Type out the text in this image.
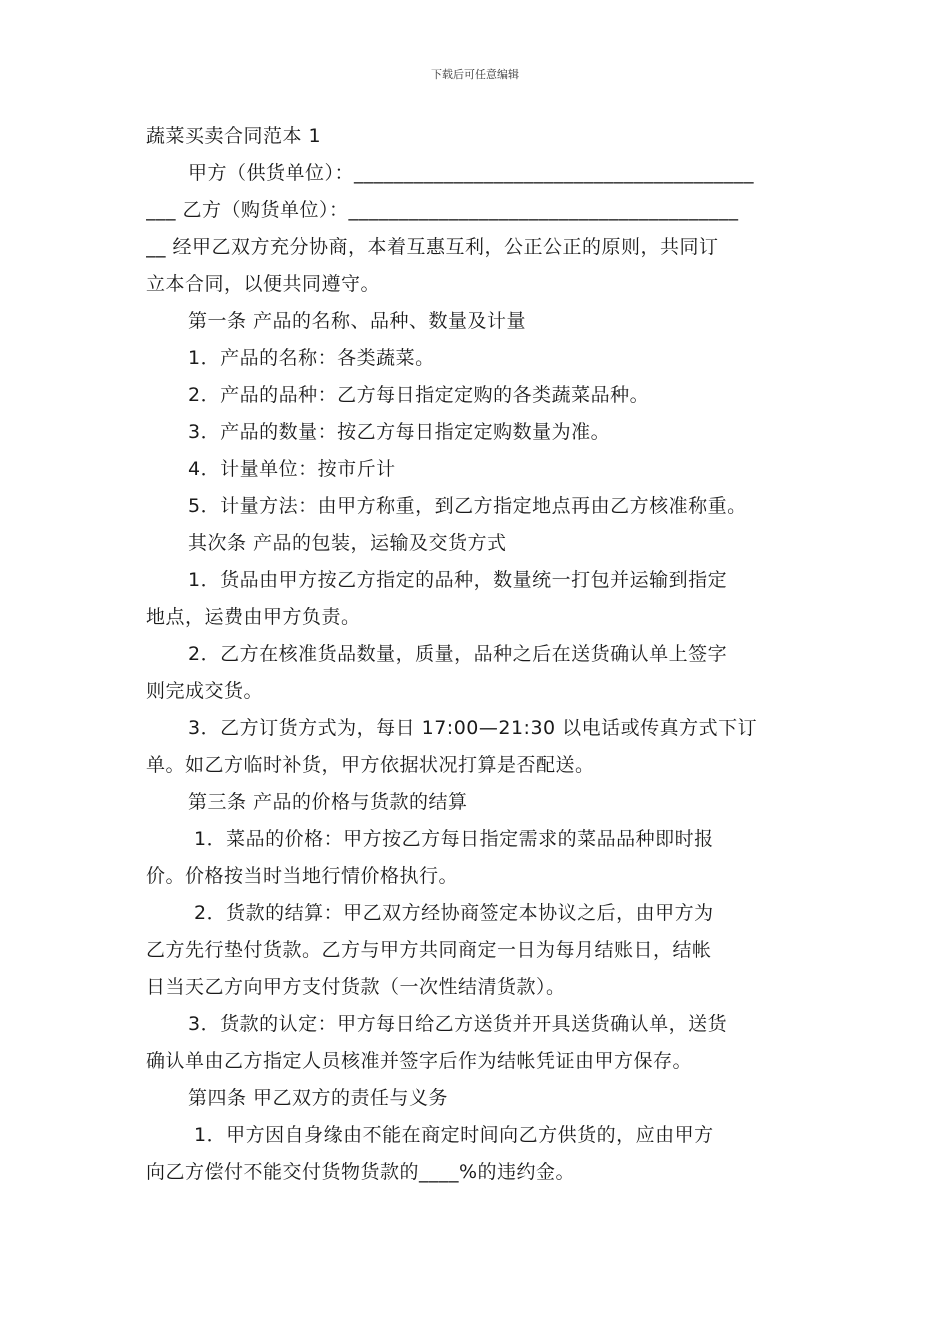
下载后可任意编辑
蔬菜买卖合同范本 1
甲方（供货单位）：________________________________________
___ 乙方（购货单位）：_______________________________________
__ 经甲乙双方充分协商，本着互惠互利，公正公正的原则，共同订
立本合同，以便共同遵守。
第一条 产品的名称、品种、数量及计量
1．产品的名称：各类蔬菜。
2．产品的品种：乙方每日指定定购的各类蔬菜品种。
3．产品的数量：按乙方每日指定定购数量为准。
4．计量单位：按市斤计
5．计量方法：由甲方称重，到乙方指定地点再由乙方核准称重。
其次条 产品的包装，运输及交货方式
1．货品由甲方按乙方指定的品种，数量统一打包并运输到指定
地点，运费由甲方负责。
2．乙方在核准货品数量，质量，品种之后在送货确认单上签字
则完成交货。
3．乙方订货方式为，每日 17:00—21:30 以电话或传真方式下订
单。如乙方临时补货，甲方依据状况打算是否配送。
第三条 产品的价格与货款的结算
1．菜品的价格：甲方按乙方每日指定需求的菜品品种即时报
价。价格按当时当地行情价格执行。
2．货款的结算：甲乙双方经协商签定本协议之后，由甲方为
乙方先行垫付货款。乙方与甲方共同商定一日为每月结账日，结帐
日当天乙方向甲方支付货款（一次性结清货款）。
3．货款的认定：甲方每日给乙方送货并开具送货确认单，送货
确认单由乙方指定人员核准并签字后作为结帐凭证由甲方保存。
第四条 甲乙双方的责任与义务
1．甲方因自身缘由不能在商定时间向乙方供货的，应由甲方
向乙方偿付不能交付货物货款的____%的违约金。
